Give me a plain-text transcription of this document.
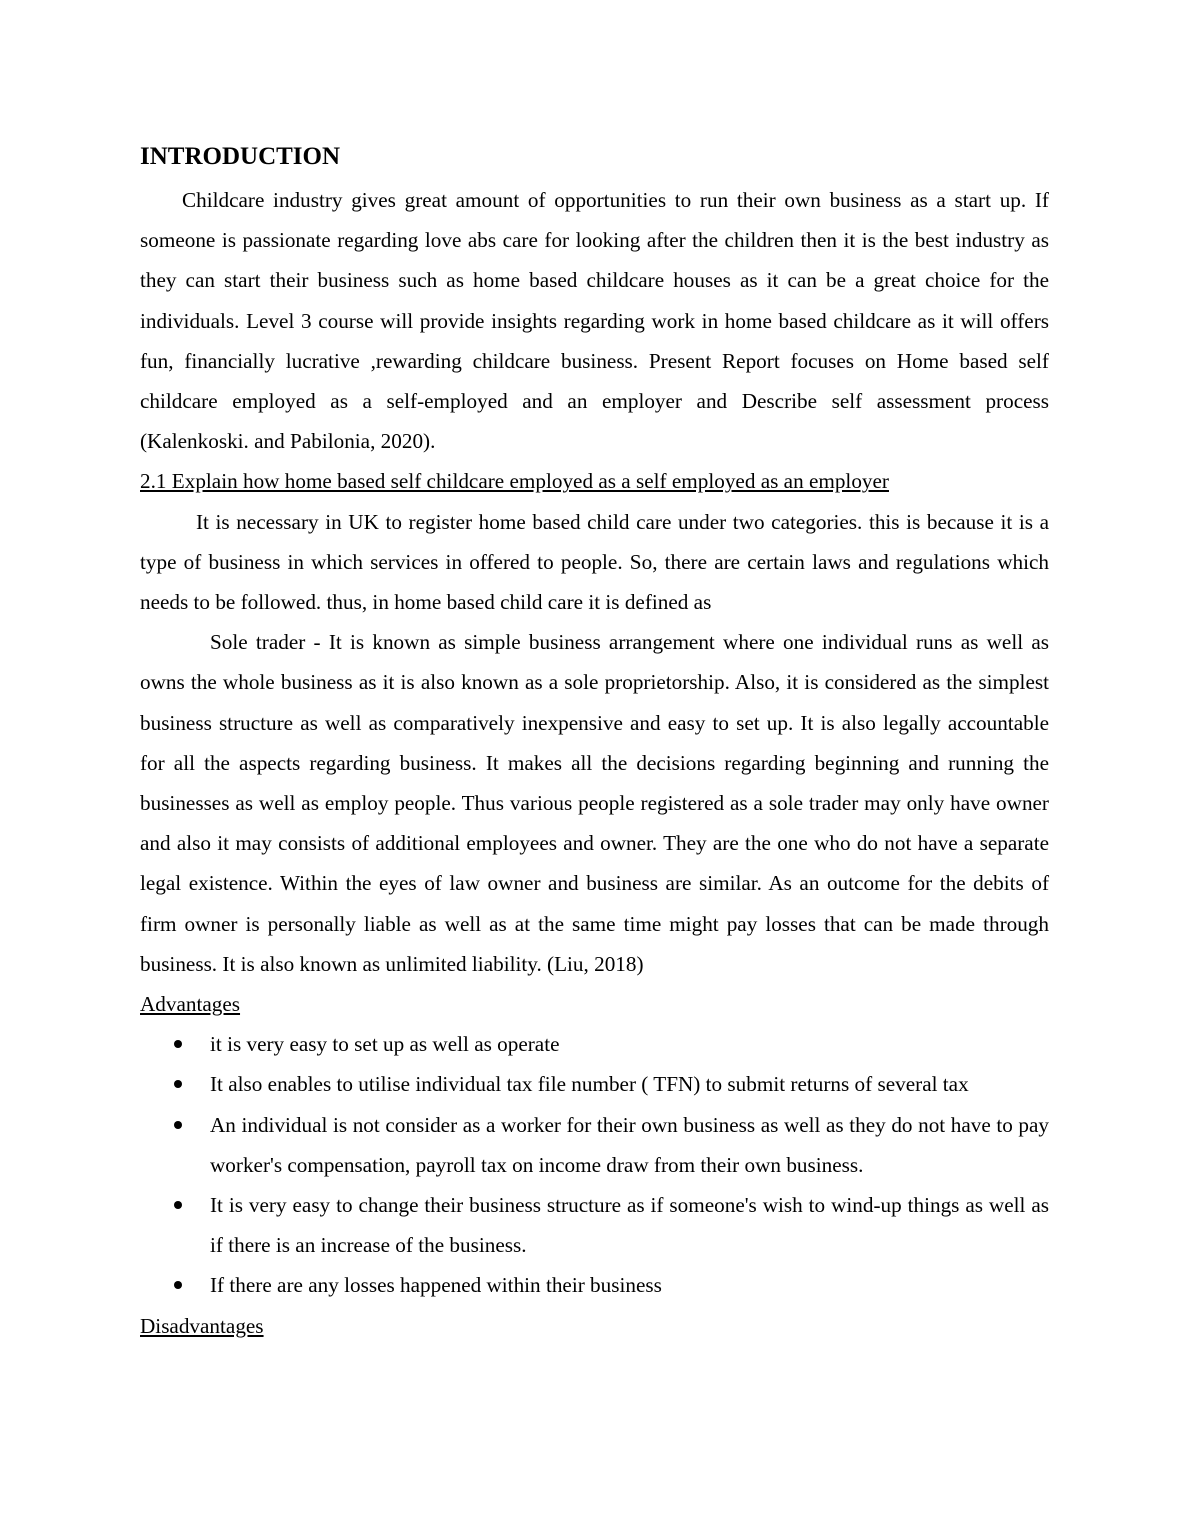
INTRODUCTION

Childcare industry gives great amount of opportunities to run their own business as a start up. If someone is passionate regarding love abs care for looking after the children then it is the best industry as they can start their business such as home based childcare houses as it can be a great choice for the individuals. Level 3 course will provide insights regarding work in home based childcare as it will offers fun, financially lucrative ,rewarding childcare business. Present Report focuses on Home based self childcare employed as a self-employed and an employer and Describe self assessment process (Kalenkoski. and Pabilonia, 2020).

2.1 Explain how home based self childcare employed as a self employed as an employer

It is necessary in UK to register home based child care under two categories. this is because it is a type of business in which services in offered to people. So, there are certain laws and regulations which needs to be followed. thus, in home based child care it is defined as

Sole trader - It is known as simple business arrangement where one individual runs as well as owns the whole business as it is also known as a sole proprietorship. Also, it is considered as the simplest business structure as well as comparatively inexpensive and easy to set up. It is also legally accountable for all the aspects regarding business. It makes all the decisions regarding beginning and running the businesses as well as employ people. Thus various people registered as a sole trader may only have owner and also it may consists of additional employees and owner. They are the one who do not have a separate legal existence. Within the eyes of law owner and business are similar. As an outcome for the debits of firm owner is personally liable as well as at the same time might pay losses that can be made through business. It is also known as unlimited liability. (Liu, 2018)

Advantages

it is very easy to set up as well as operate
It also enables to utilise individual tax file number ( TFN) to submit returns of several tax
An individual is not consider as a worker for their own business as well as they do not have to pay worker's compensation, payroll tax on income draw from their own business.
It is very easy to change their business structure as if someone's wish to wind-up things as well as if there is an increase of the business.
If there are any losses happened within their business

Disadvantages
